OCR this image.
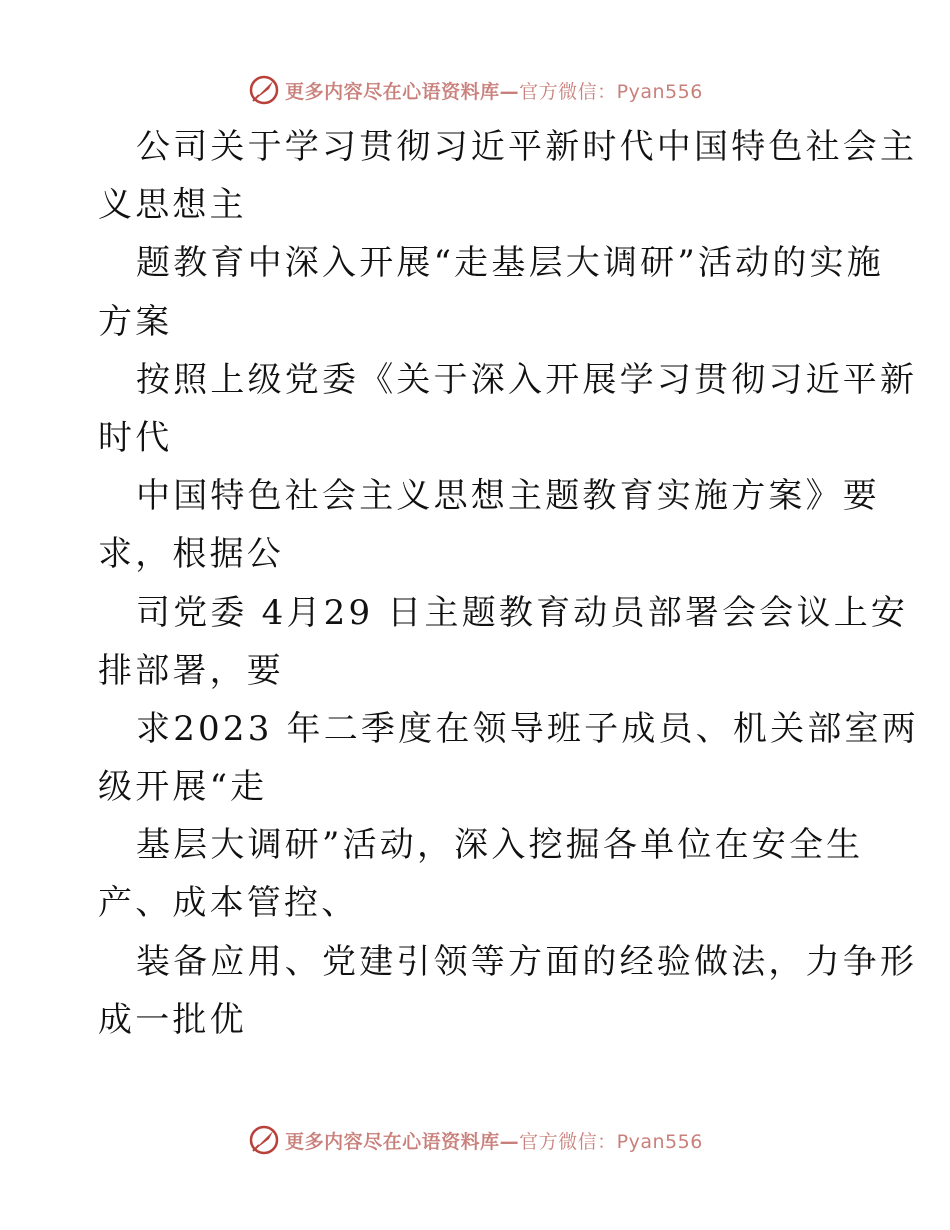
更多内容尽在心语资料库—官方微信：Pyan556
公司关于学习贯彻习近平新时代中国特色社会主
义思想主
题教育中深入开展“走基层大调研”活动的实施
方案
按照上级党委《关于深入开展学习贯彻习近平新
时代
中国特色社会主义思想主题教育实施方案》要
求，根据公
司党委 4月29 日主题教育动员部署会会议上安
排部署，要
求2023 年二季度在领导班子成员、机关部室两
级开展“走
基层大调研”活动，深入挖掘各单位在安全生
产、成本管控、
装备应用、党建引领等方面的经验做法，力争形
成一批优
更多内容尽在心语资料库—官方微信：Pyan556
